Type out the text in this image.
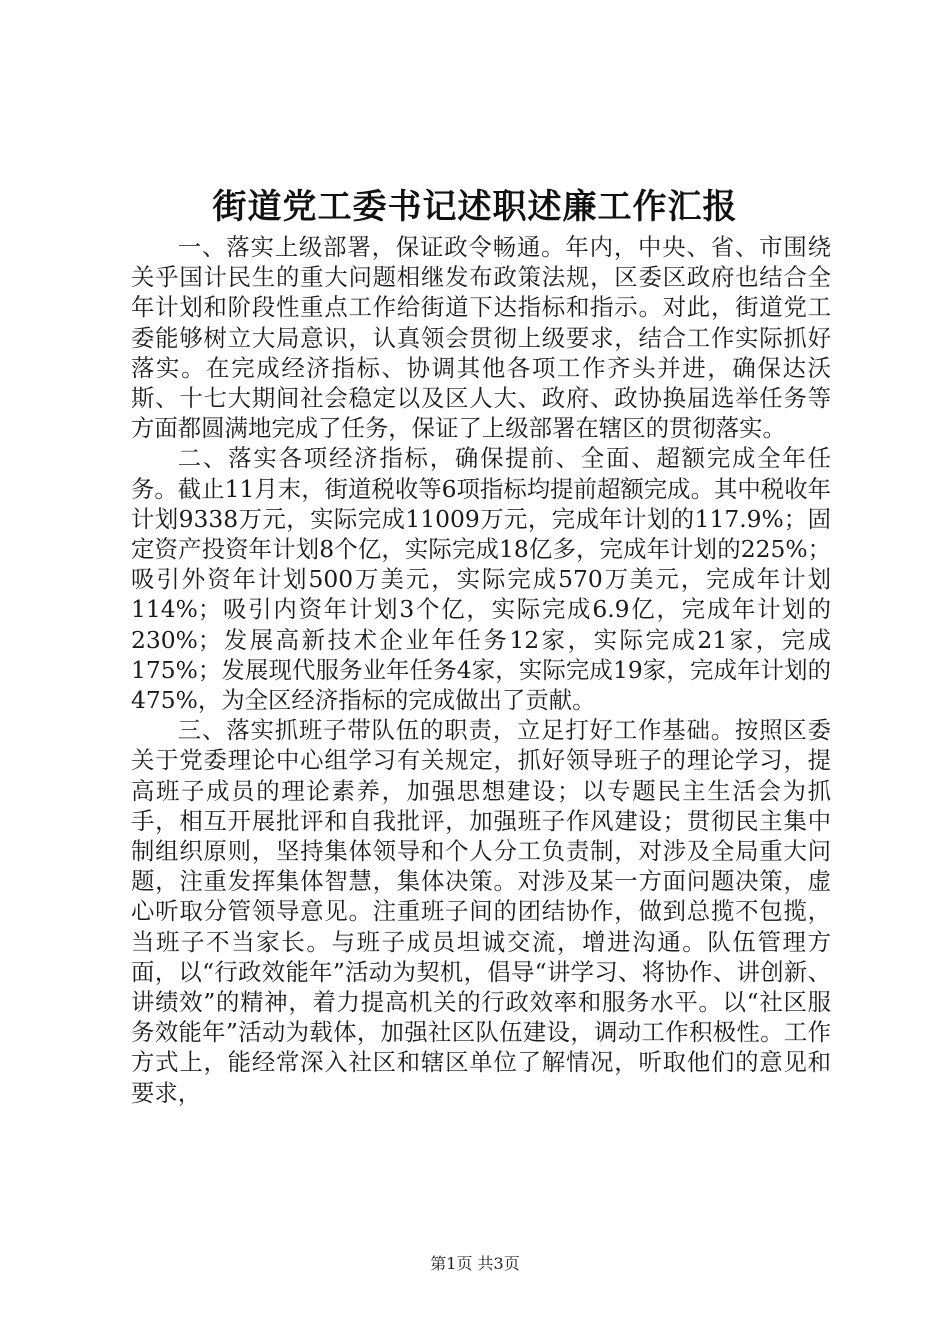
街道党工委书记述职述廉工作汇报

一、落实上级部署，保证政令畅通。年内，中央、省、市围绕关乎国计民生的重大问题相继发布政策法规，区委区政府也结合全年计划和阶段性重点工作给街道下达指标和指示。对此，街道党工委能够树立大局意识，认真领会贯彻上级要求，结合工作实际抓好落实。在完成经济指标、协调其他各项工作齐头并进，确保达沃斯、十七大期间社会稳定以及区人大、政府、政协换届选举任务等方面都圆满地完成了任务，保证了上级部署在辖区的贯彻落实。

二、落实各项经济指标，确保提前、全面、超额完成全年任务。截止11月末，街道税收等6项指标均提前超额完成。其中税收年计划9338万元，实际完成11009万元，完成年计划的117.9%；固定资产投资年计划8个亿，实际完成18亿多，完成年计划的225%；吸引外资年计划500万美元，实际完成570万美元，完成年计划114%；吸引内资年计划3个亿，实际完成6.9亿，完成年计划的230%；发展高新技术企业年任务12家，实际完成21家，完成175%；发展现代服务业年任务4家，实际完成19家，完成年计划的475%，为全区经济指标的完成做出了贡献。

三、落实抓班子带队伍的职责，立足打好工作基础。按照区委关于党委理论中心组学习有关规定，抓好领导班子的理论学习，提高班子成员的理论素养，加强思想建设；以专题民主生活会为抓手，相互开展批评和自我批评，加强班子作风建设；贯彻民主集中制组织原则，坚持集体领导和个人分工负责制，对涉及全局重大问题，注重发挥集体智慧，集体决策。对涉及某一方面问题决策，虚心听取分管领导意见。注重班子间的团结协作，做到总揽不包揽，当班子不当家长。与班子成员坦诚交流，增进沟通。队伍管理方面，以“行政效能年”活动为契机，倡导“讲学习、将协作、讲创新、讲绩效”的精神，着力提高机关的行政效率和服务水平。以“社区服务效能年”活动为载体，加强社区队伍建设，调动工作积极性。工作方式上，能经常深入社区和辖区单位了解情况，听取他们的意见和要求，

第1页 共3页
